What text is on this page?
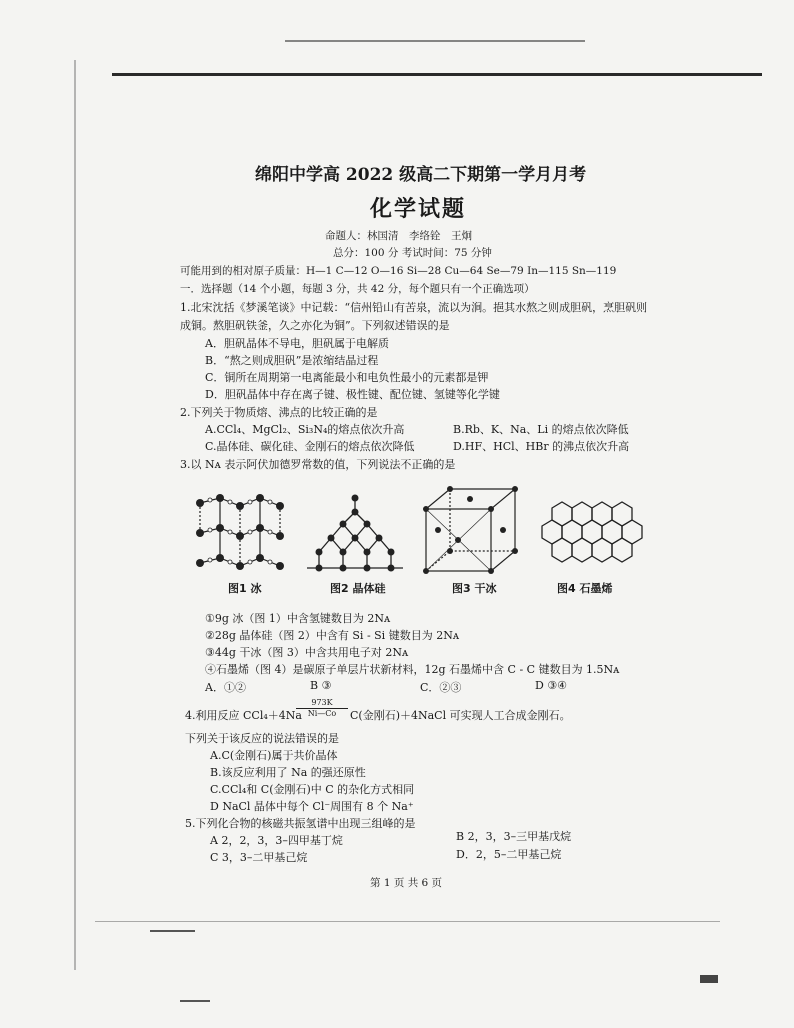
绵阳中学高 2022 级高二下期第一学月月考
化学试题
命题人：林国清　李络铨　王炯
总分：100 分 考试时间：75 分钟
可能用到的相对原子质量：H—1 C—12 O—16 Si—28 Cu—64 Se—79 In—115 Sn—119
一．选择题（14 个小题，每题 3 分，共 42 分，每个题只有一个正确选项）
1.北宋沈括《梦溪笔谈》中记载：“信州铅山有苦泉，流以为涧。挹其水熬之则成胆矾，烹胆矾则
成铜。熬胆矾铁釜，久之亦化为铜”。下列叙述错误的是
A．胆矾晶体不导电，胆矾属于电解质
B．“熬之则成胆矾”是浓缩结晶过程
C．铜所在周期第一电离能最小和电负性最小的元素都是钾
D．胆矾晶体中存在离子键、极性键、配位键、氢键等化学键
2.下列关于物质熔、沸点的比较正确的是
A.CCl₄、MgCl₂、Si₃N₄的熔点依次升高	B.Rb、K、Na、Li 的熔点依次降低
C.晶体硅、碳化硅、金刚石的熔点依次降低	D.HF、HCl、HBr 的沸点依次升高
3.以 Nᴀ 表示阿伏加德罗常数的值，下列说法不正确的是
图1 冰	图2 晶体硅	图3 干冰	图4 石墨烯
①9g 冰（图 1）中含氢键数目为 2Nᴀ
②28g 晶体硅（图 2）中含有 Si - Si 键数目为 2Nᴀ
③44g 干冰（图 3）中含共用电子对 2Nᴀ
④石墨烯（图 4）是碳原子单层片状新材料，12g 石墨烯中含 C - C 键数目为 1.5Nᴀ
A．①②	B ③	C．②③	D ③④
4.利用反应 CCl₄＋4Na
973K
Ni—Co	C(金刚石)＋4NaCl 可实现人工合成金刚石。
下列关于该反应的说法错误的是
A.C(金刚石)属于共价晶体
B.该反应利用了 Na 的强还原性
C.CCl₄和 C(金刚石)中 C 的杂化方式相同
D NaCl 晶体中每个 Cl⁻周围有 8 个 Na⁺
5.下列化合物的核磁共振氢谱中出现三组峰的是
A 2，2，3，3–四甲基丁烷	B 2，3，3–三甲基戊烷
C 3，3–二甲基己烷	D．2，5–二甲基己烷
第 1 页 共 6 页
